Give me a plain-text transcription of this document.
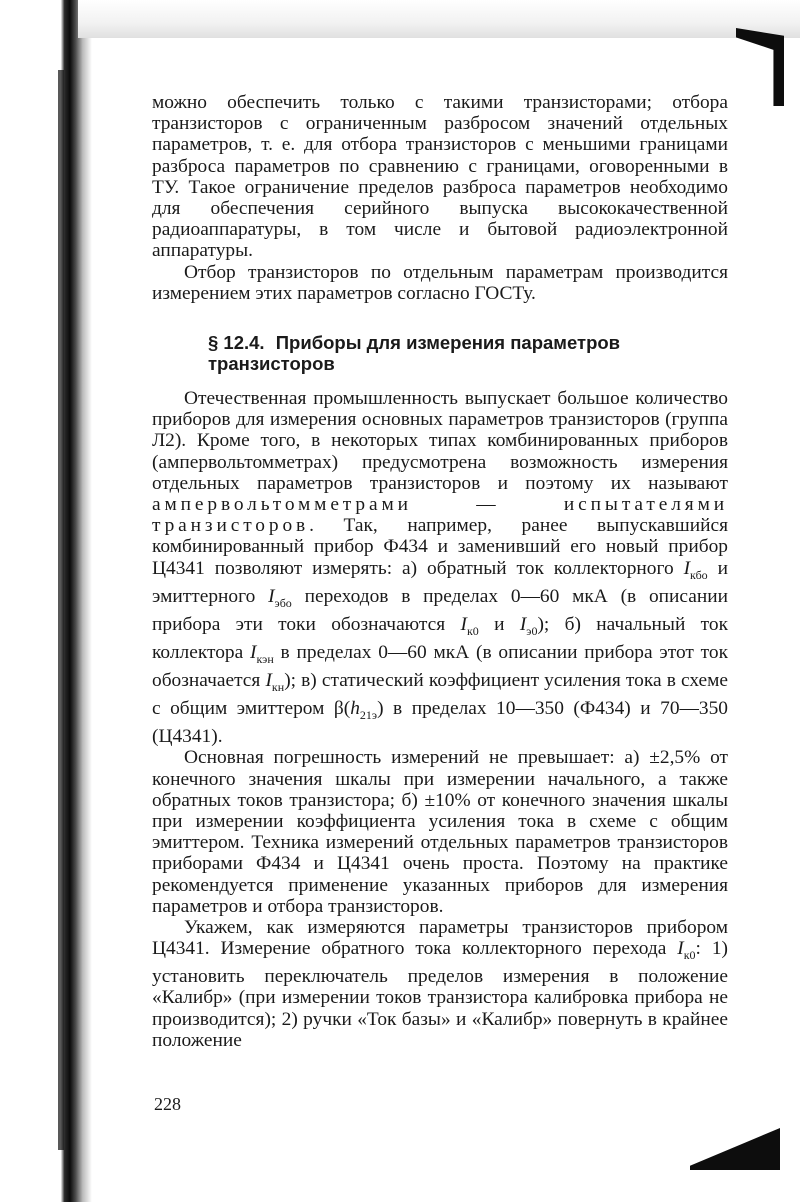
можно обеспечить только с такими транзисторами; отбора транзисторов с ограниченным разбросом значений отдельных параметров, т. е. для отбора транзисторов с меньшими границами разброса параметров по сравнению с границами, оговоренными в ТУ. Такое ограничение пределов разброса параметров необходимо для обеспечения серийного выпуска высококачественной радиоаппаратуры, в том числе и бытовой радиоэлектронной аппаратуры.

Отбор транзисторов по отдельным параметрам производится измерением этих параметров согласно ГОСТу.

§ 12.4. Приборы для измерения параметров транзисторов

Отечественная промышленность выпускает большое количество приборов для измерения основных параметров транзисторов (группа Л2). Кроме того, в некоторых типах комбинированных приборов (ампервольтомметрах) предусмотрена возможность измерения отдельных параметров транзисторов и поэтому их называют ампервольтомметрами — испытателями транзисторов. Так, например, ранее выпускавшийся комбинированный прибор Ф434 и заменивший его новый прибор Ц4341 позволяют измерять: а) обратный ток коллекторного $I_{кбо}$ и эмиттерного $I_{эбо}$ переходов в пределах 0—60 мкА (в описании прибора эти токи обозначаются $I_{к0}$ и $I_{э0}$); б) начальный ток коллектора $I_{кэн}$ в пределах 0—60 мкА (в описании прибора этот ток обозначается $I_{кн}$); в) статический коэффициент усиления тока в схеме с общим эмиттером $\beta(h_{21э})$ в пределах 10—350 (Ф434) и 70—350 (Ц4341).

Основная погрешность измерений не превышает: а) ±2,5% от конечного значения шкалы при измерении начального, а также обратных токов транзистора; б) ±10% от конечного значения шкалы при измерении коэффициента усиления тока в схеме с общим эмиттером. Техника измерений отдельных параметров транзисторов приборами Ф434 и Ц4341 очень проста. Поэтому на практике рекомендуется применение указанных приборов для измерения параметров и отбора транзисторов.

Укажем, как измеряются параметры транзисторов прибором Ц4341. Измерение обратного тока коллекторного перехода $I_{к0}$: 1) установить переключатель пределов измерения в положение «Калибр» (при измерении токов транзистора калибровка прибора не производится); 2) ручки «Ток базы» и «Калибр» повернуть в крайнее положение

228
